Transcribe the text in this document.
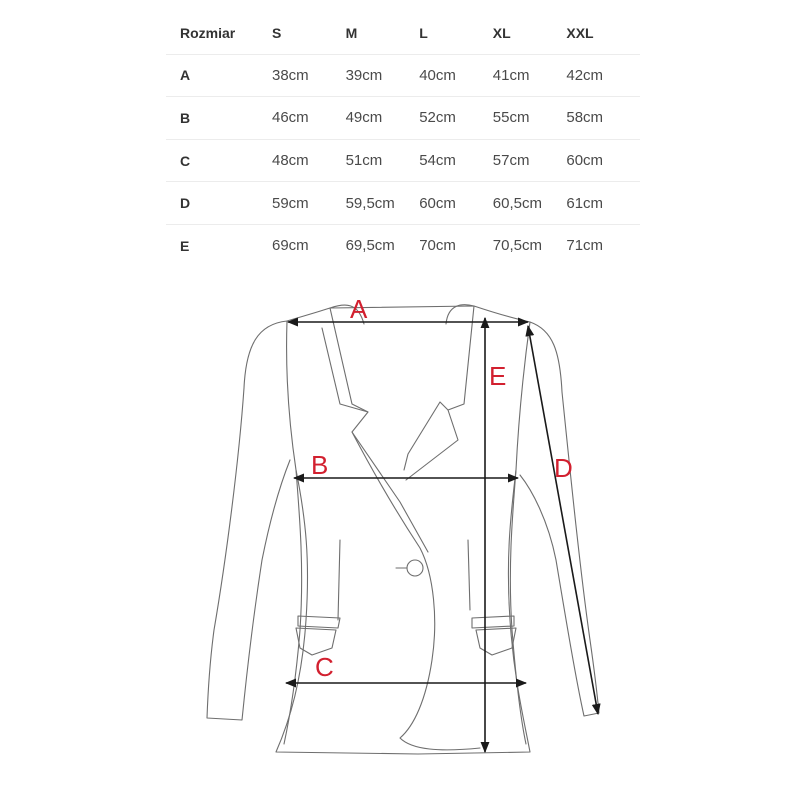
Rozmiar	S	M	L	XL	XXL
A	38cm	39cm	40cm	41cm	42cm
B	46cm	49cm	52cm	55cm	58cm
C	48cm	51cm	54cm	57cm	60cm
D	59cm	59,5cm	60cm	60,5cm	61cm
E	69cm	69,5cm	70cm	70,5cm	71cm
A
B
C
D
E
